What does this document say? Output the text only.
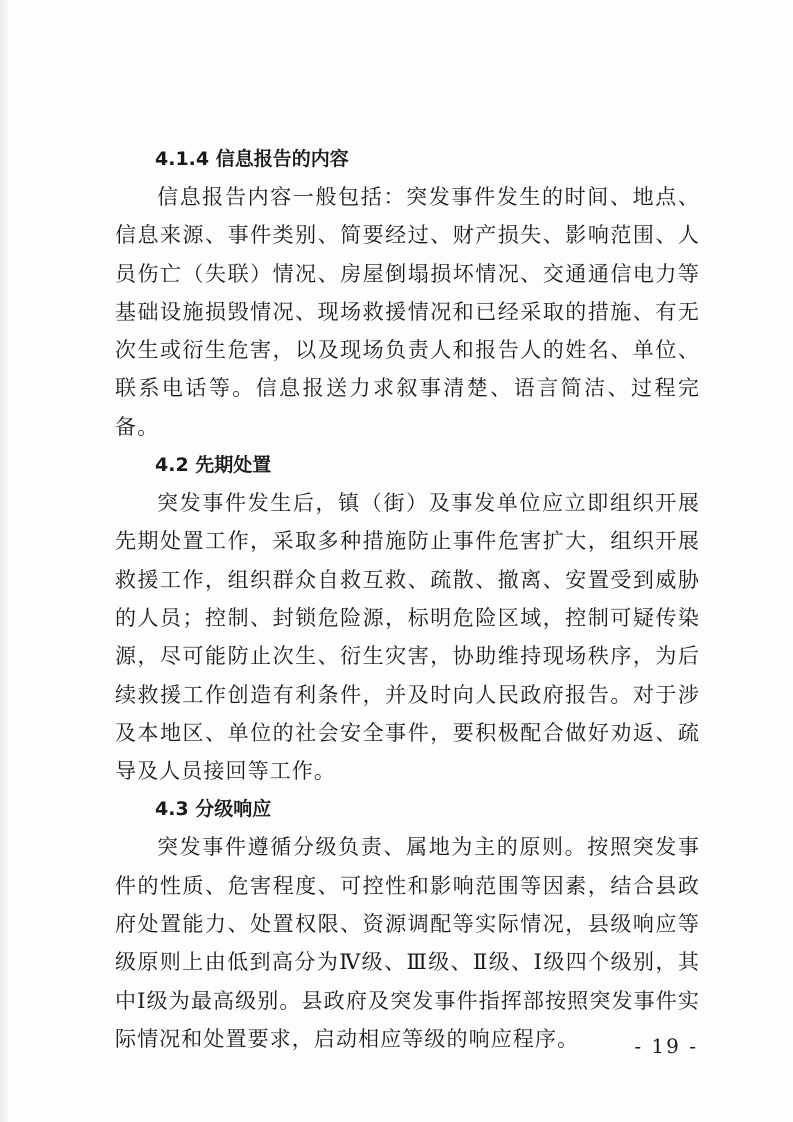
4.1.4 信息报告的内容

信息报告内容一般包括：突发事件发生的时间、地点、信息来源、事件类别、简要经过、财产损失、影响范围、人员伤亡（失联）情况、房屋倒塌损坏情况、交通通信电力等基础设施损毁情况、现场救援情况和已经采取的措施、有无次生或衍生危害，以及现场负责人和报告人的姓名、单位、联系电话等。信息报送力求叙事清楚、语言简洁、过程完备。

4.2 先期处置

突发事件发生后，镇（街）及事发单位应立即组织开展先期处置工作，采取多种措施防止事件危害扩大，组织开展救援工作，组织群众自救互救、疏散、撤离、安置受到威胁的人员；控制、封锁危险源，标明危险区域，控制可疑传染源，尽可能防止次生、衍生灾害，协助维持现场秩序，为后续救援工作创造有利条件，并及时向人民政府报告。对于涉及本地区、单位的社会安全事件，要积极配合做好劝返、疏导及人员接回等工作。

4.3 分级响应

突发事件遵循分级负责、属地为主的原则。按照突发事件的性质、危害程度、可控性和影响范围等因素，结合县政府处置能力、处置权限、资源调配等实际情况，县级响应等级原则上由低到高分为Ⅳ级、Ⅲ级、Ⅱ级、Ⅰ级四个级别，其中Ⅰ级为最高级别。县政府及突发事件指挥部按照突发事件实际情况和处置要求，启动相应等级的响应程序。	- 19 -
